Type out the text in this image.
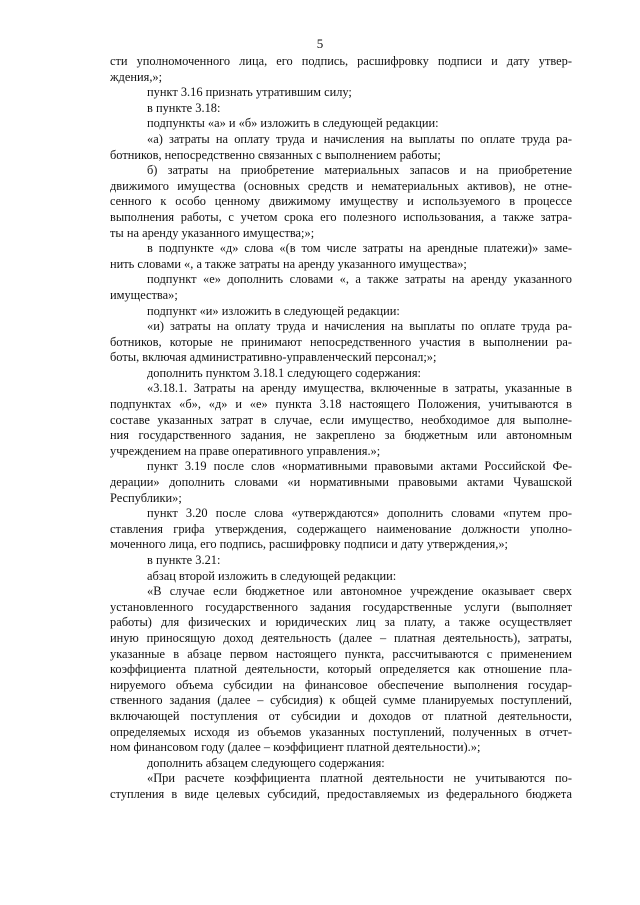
5
сти уполномоченного лица, его подпись, расшифровку подписи и дату утвер-
ждения,»;
пункт 3.16 признать утратившим силу;
в пункте 3.18:
подпункты «а» и «б» изложить в следующей редакции:
«а) затраты на оплату труда и начисления на выплаты по оплате труда ра-
ботников, непосредственно связанных с выполнением работы;
б) затраты на приобретение материальных запасов и на приобретение
движимого имущества (основных средств и нематериальных активов), не отне-
сенного к особо ценному движимому имуществу и используемого в процессе
выполнения работы, с учетом срока его полезного использования, а также затра-
ты на аренду указанного имущества;»;
в подпункте «д» слова «(в том числе затраты на арендные платежи)» заме-
нить словами «, а также затраты на аренду указанного имущества»;
подпункт «е» дополнить словами «, а также затраты на аренду указанного
имущества»;
подпункт «и» изложить в следующей редакции:
«и) затраты на оплату труда и начисления на выплаты по оплате труда ра-
ботников, которые не принимают непосредственного участия в выполнении ра-
боты, включая административно-управленческий персонал;»;
дополнить пунктом 3.18.1 следующего содержания:
«3.18.1. Затраты на аренду имущества, включенные в затраты, указанные в
подпунктах «б», «д» и «е» пункта 3.18 настоящего Положения, учитываются в
составе указанных затрат в случае, если имущество, необходимое для выполне-
ния государственного задания, не закреплено за бюджетным или автономным
учреждением на праве оперативного управления.»;
пункт 3.19 после слов «нормативными правовыми актами Российской Фе-
дерации» дополнить словами «и нормативными правовыми актами Чувашской
Республики»;
пункт 3.20 после слова «утверждаются» дополнить словами «путем про-
ставления грифа утверждения, содержащего наименование должности уполно-
моченного лица, его подпись, расшифровку подписи и дату утверждения,»;
в пункте 3.21:
абзац второй изложить в следующей редакции:
«В случае если бюджетное или автономное учреждение оказывает сверх
установленного государственного задания государственные услуги (выполняет
работы) для физических и юридических лиц за плату, а также осуществляет
иную приносящую доход деятельность (далее – платная деятельность), затраты,
указанные в абзаце первом настоящего пункта, рассчитываются с применением
коэффициента платной деятельности, который определяется как отношение пла-
нируемого объема субсидии на финансовое обеспечение выполнения государ-
ственного задания (далее – субсидия) к общей сумме планируемых поступлений,
включающей поступления от субсидии и доходов от платной деятельности,
определяемых исходя из объемов указанных поступлений, полученных в отчет-
ном финансовом году (далее – коэффициент платной деятельности).»;
дополнить абзацем следующего содержания:
«При расчете коэффициента платной деятельности не учитываются по-
ступления в виде целевых субсидий, предоставляемых из федерального бюджета
